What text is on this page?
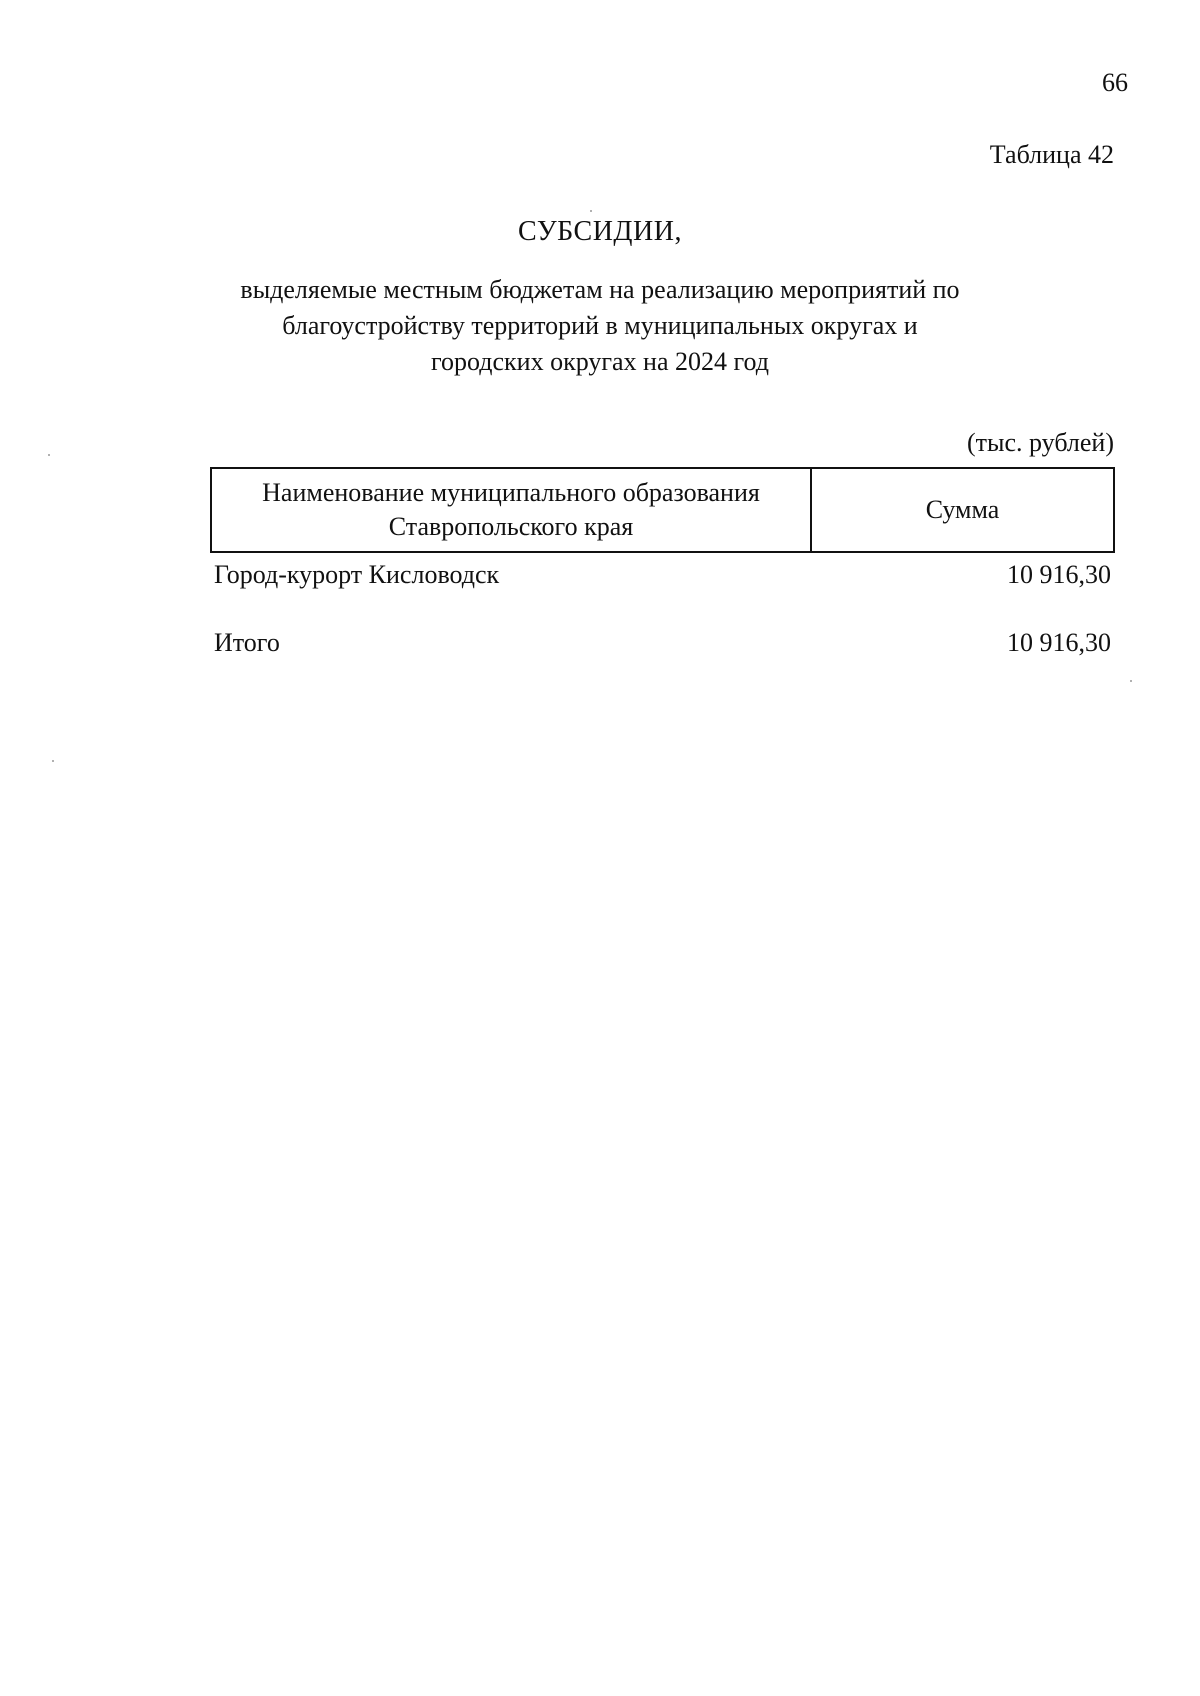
66
Таблица 42
СУБСИДИИ,
выделяемые местным бюджетам на реализацию мероприятий по благоустройству территорий в муниципальных округах и городских округах на 2024 год
(тыс. рублей)
Наименование муниципального образования Ставропольского края
Сумма
Город-курорт Кисловодск	10 916,30
Итого	10 916,30
